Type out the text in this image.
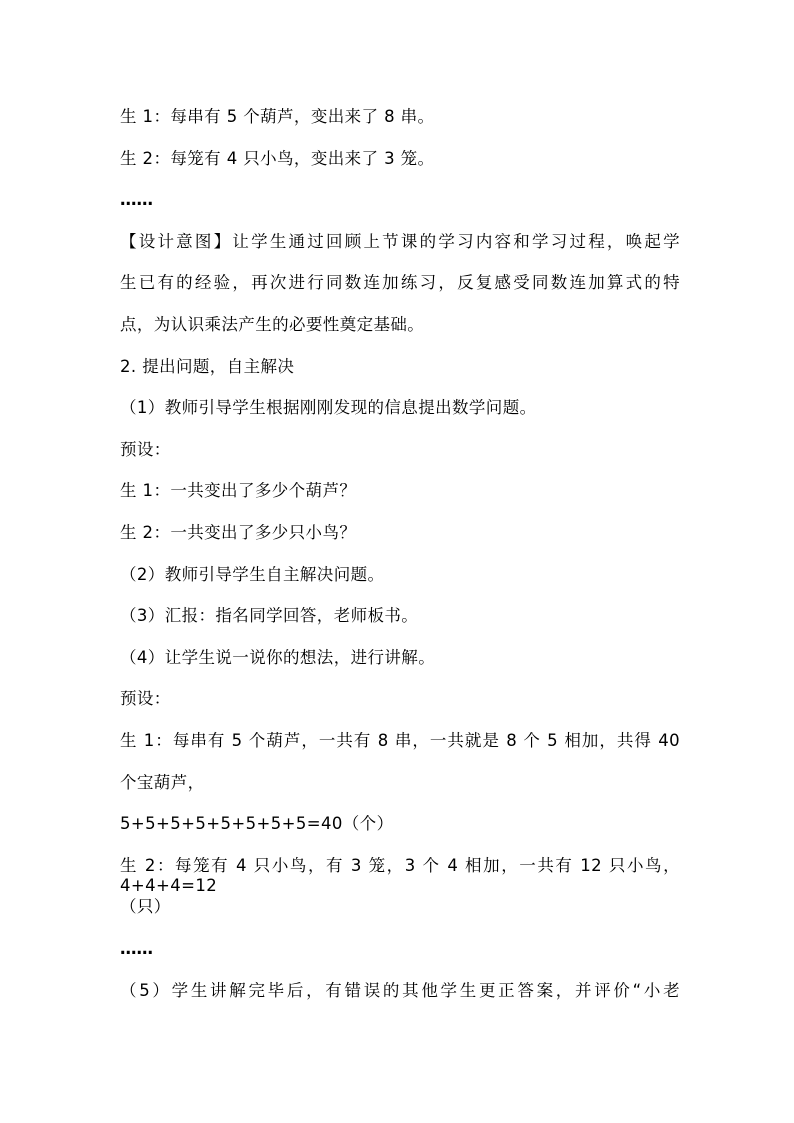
生 1：每串有 5 个葫芦，变出来了 8 串。
生 2：每笼有 4 只小鸟，变出来了 3 笼。
……
【设计意图】让学生通过回顾上节课的学习内容和学习过程，唤起学
生已有的经验，再次进行同数连加练习，反复感受同数连加算式的特
点，为认识乘法产生的必要性奠定基础。
2. 提出问题，自主解决
（1）教师引导学生根据刚刚发现的信息提出数学问题。
预设：
生 1：一共变出了多少个葫芦？
生 2：一共变出了多少只小鸟？
（2）教师引导学生自主解决问题。
（3）汇报：指名同学回答，老师板书。
（4）让学生说一说你的想法，进行讲解。
预设：
生 1：每串有 5 个葫芦，一共有 8 串，一共就是 8 个 5 相加，共得 40
个宝葫芦，
5+5+5+5+5+5+5+5=40（个）
生 2：每笼有 4 只小鸟，有 3 笼，3 个 4 相加，一共有 12 只小鸟，4+4+4=12
（只）
……
（5）学生讲解完毕后，有错误的其他学生更正答案，并评价“小老
